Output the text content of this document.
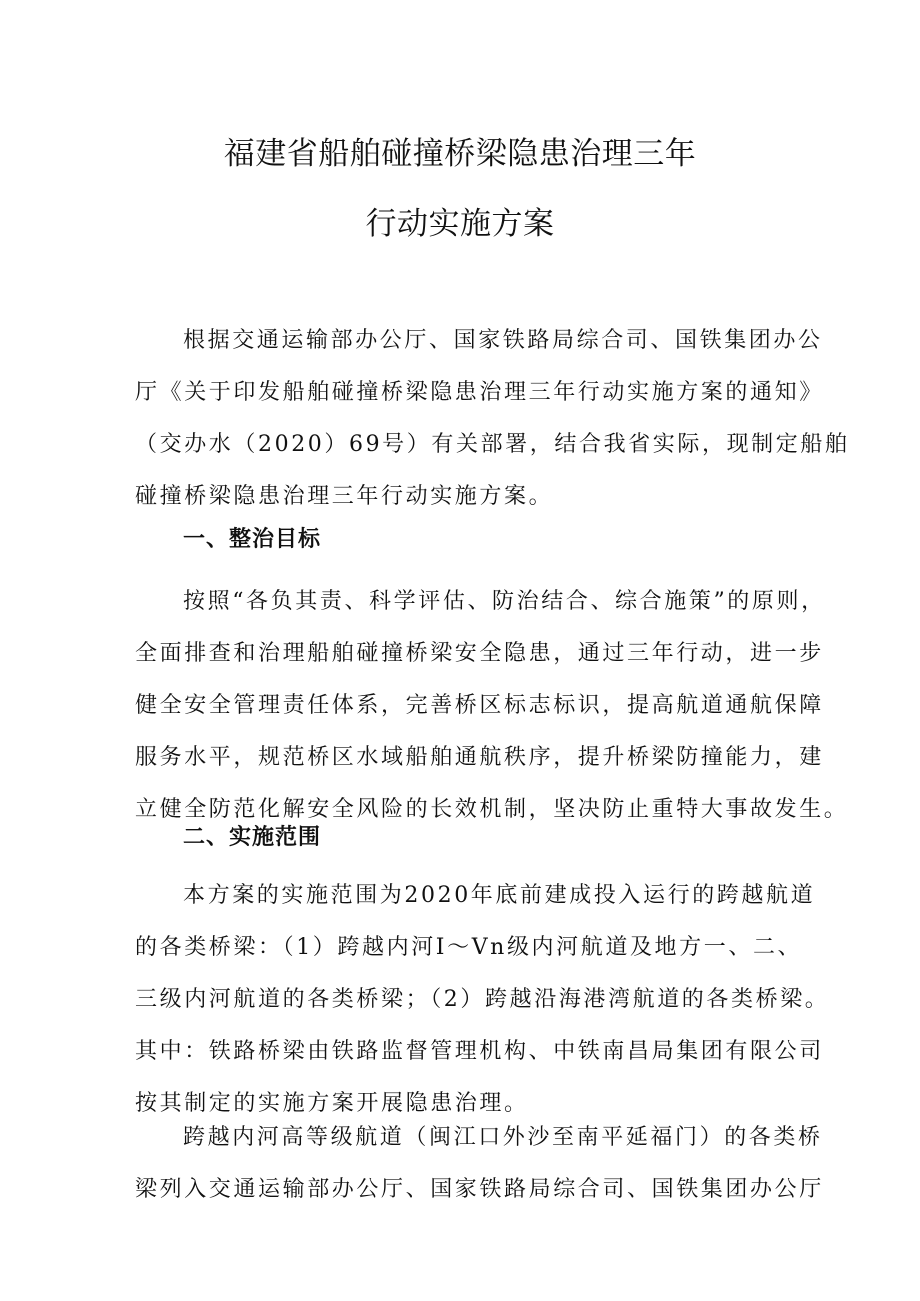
福建省船舶碰撞桥梁隐患治理三年
行动实施方案

根据交通运输部办公厅、国家铁路局综合司、国铁集团办公
厅《关于印发船舶碰撞桥梁隐患治理三年行动实施方案的通知》
（交办水（2020）69号）有关部署，结合我省实际，现制定船舶
碰撞桥梁隐患治理三年行动实施方案。

一、整治目标

按照“各负其责、科学评估、防治结合、综合施策”的原则，
全面排查和治理船舶碰撞桥梁安全隐患，通过三年行动，进一步
健全安全管理责任体系，完善桥区标志标识，提高航道通航保障
服务水平，规范桥区水域船舶通航秩序，提升桥梁防撞能力，建
立健全防范化解安全风险的长效机制，坚决防止重特大事故发生。

二、实施范围

本方案的实施范围为2020年底前建成投入运行的跨越航道
的各类桥梁：（1）跨越内河Ⅰ～Vn级内河航道及地方一、二、
三级内河航道的各类桥梁；（2）跨越沿海港湾航道的各类桥梁。
其中：铁路桥梁由铁路监督管理机构、中铁南昌局集团有限公司
按其制定的实施方案开展隐患治理。

跨越内河高等级航道（闽江口外沙至南平延福门）的各类桥
梁列入交通运输部办公厅、国家铁路局综合司、国铁集团办公厅
